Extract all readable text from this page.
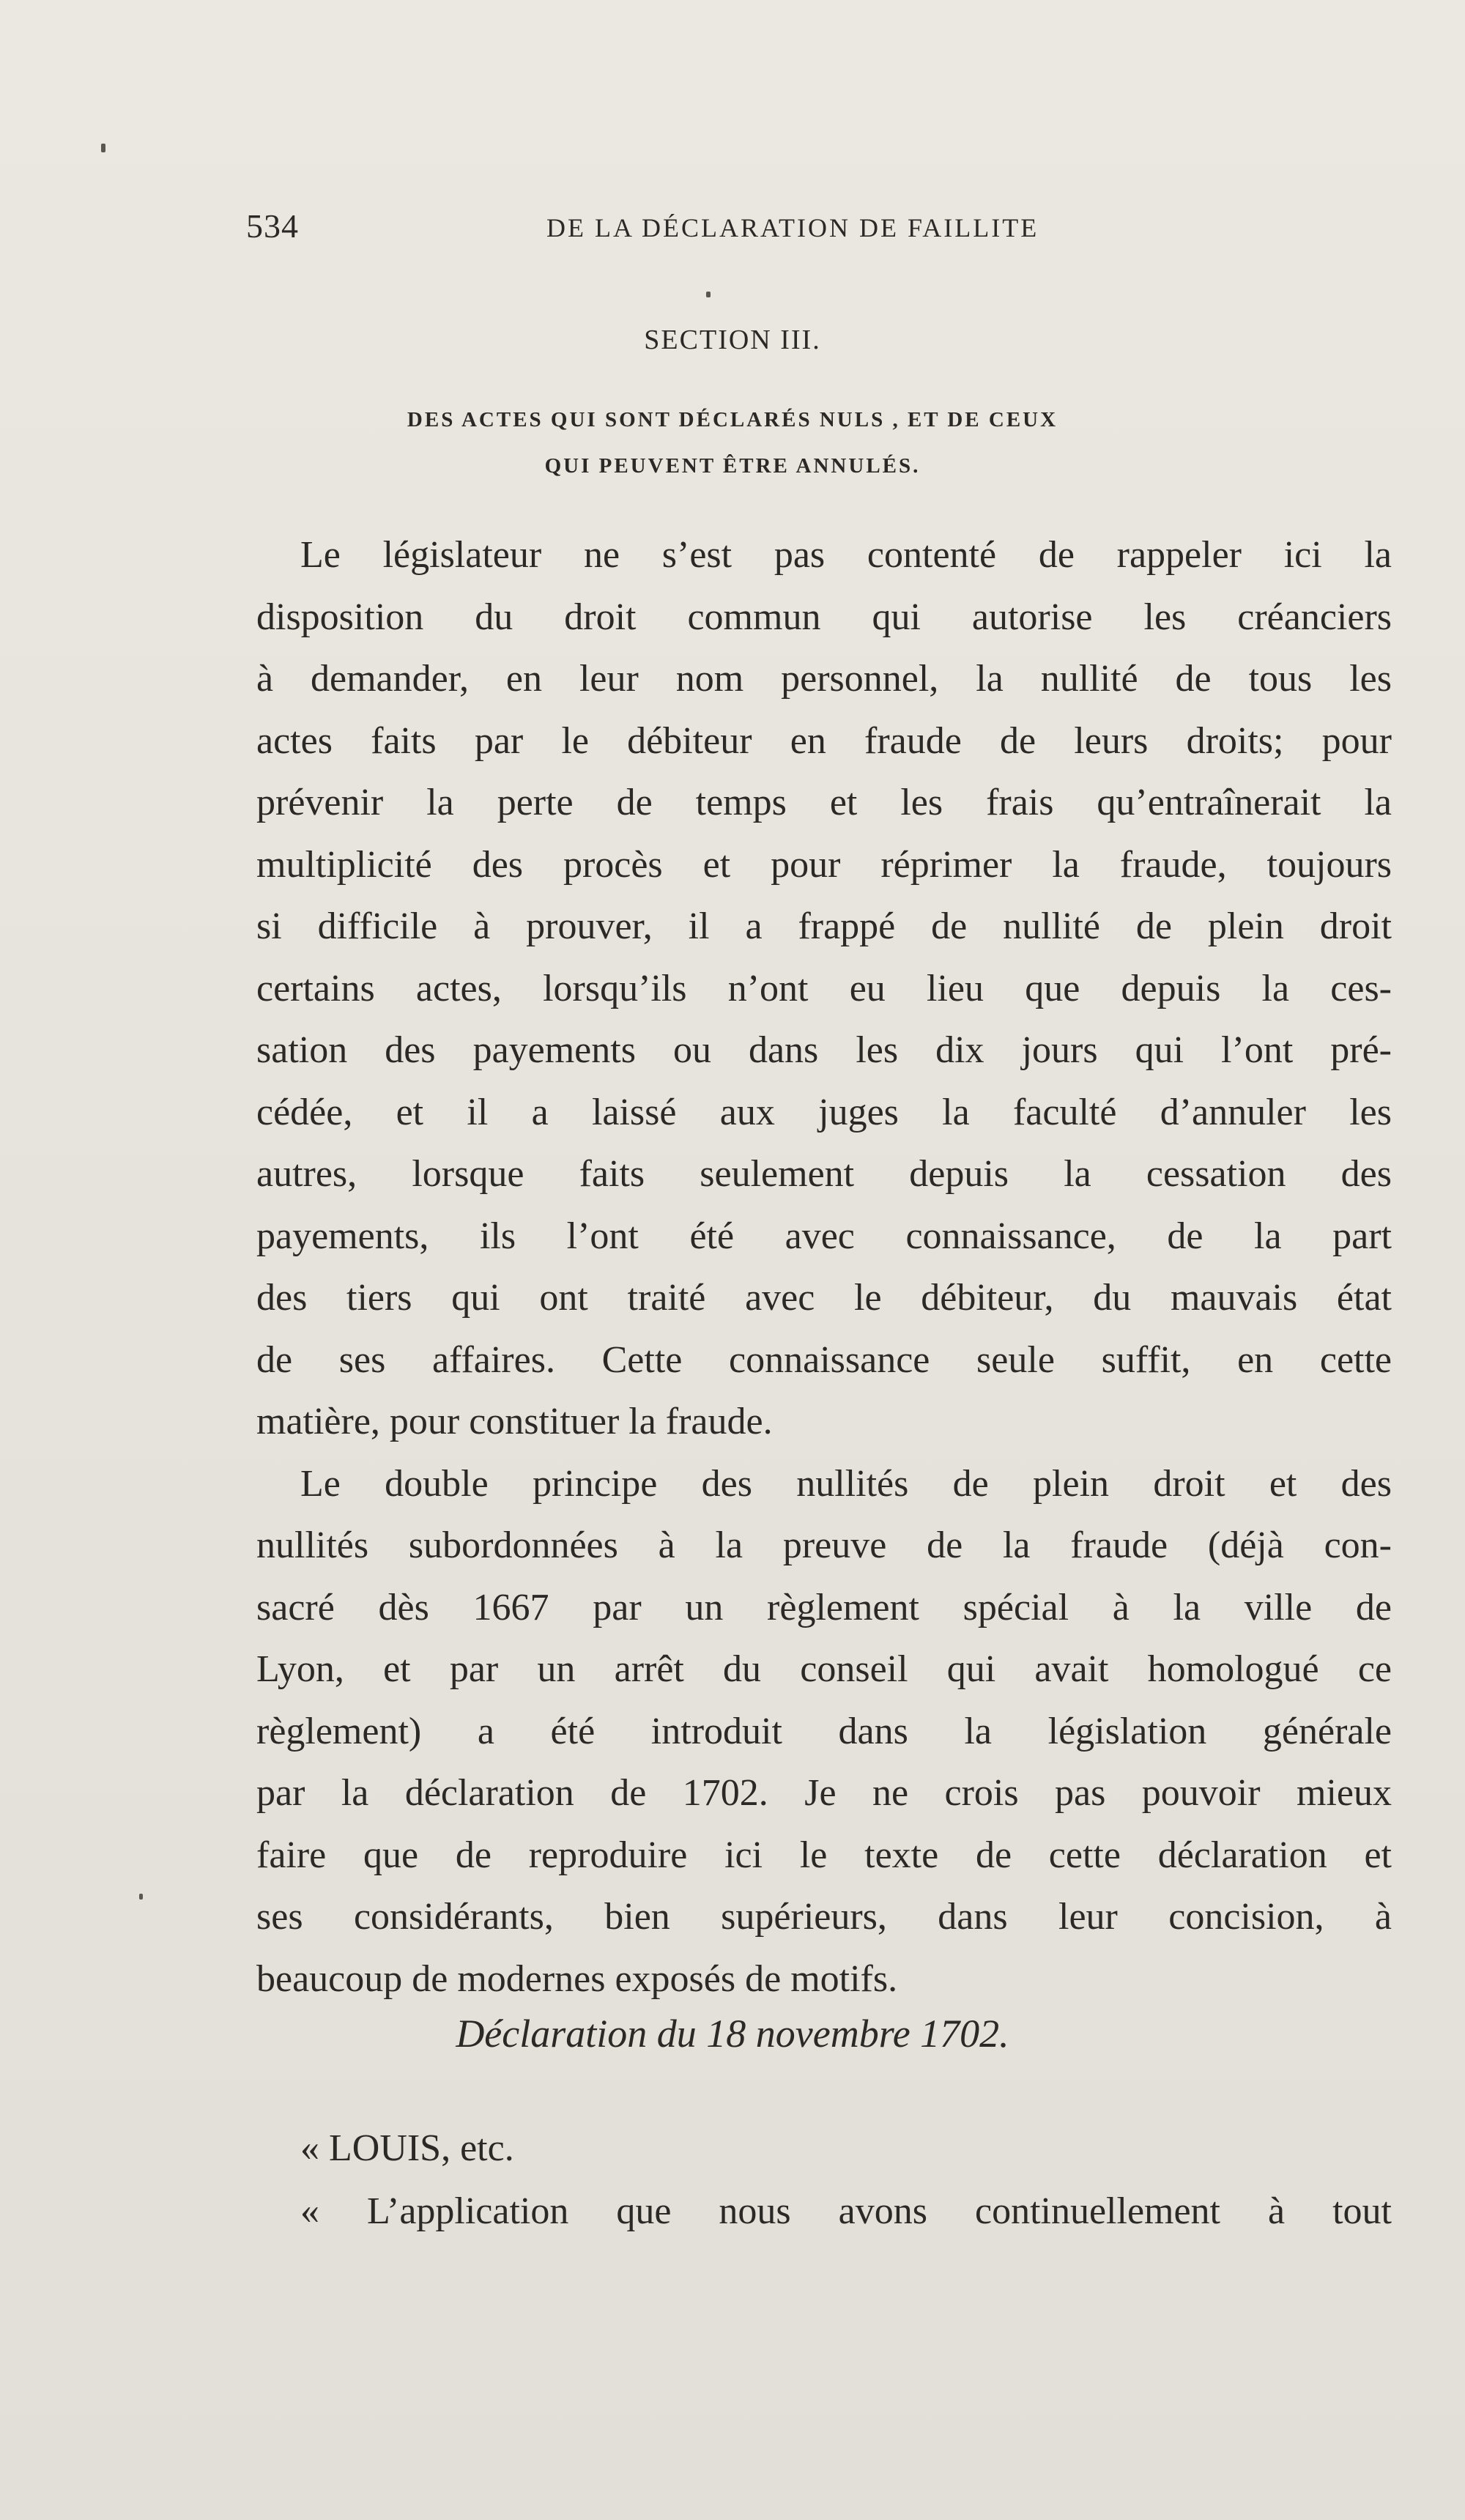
534	DE LA DÉCLARATION DE FAILLITE
SECTION III.
DES ACTES QUI SONT DÉCLARÉS NULS , ET DE CEUX
QUI PEUVENT ÊTRE ANNULÉS.
Le législateur ne s’est pas contenté de rappeler ici la
disposition du droit commun qui autorise les créanciers
à demander, en leur nom personnel, la nullité de tous les
actes faits par le débiteur en fraude de leurs droits; pour
prévenir la perte de temps et les frais qu’entraînerait la
multiplicité des procès et pour réprimer la fraude, toujours
si difficile à prouver, il a frappé de nullité de plein droit
certains actes, lorsqu’ils n’ont eu lieu que depuis la ces-
sation des payements ou dans les dix jours qui l’ont pré-
cédée, et il a laissé aux juges la faculté d’annuler les
autres, lorsque faits seulement depuis la cessation des
payements, ils l’ont été avec connaissance, de la part
des tiers qui ont traité avec le débiteur, du mauvais état
de ses affaires. Cette connaissance seule suffit, en cette
matière, pour constituer la fraude.
Le double principe des nullités de plein droit et des
nullités subordonnées à la preuve de la fraude (déjà con-
sacré dès 1667 par un règlement spécial à la ville de
Lyon, et par un arrêt du conseil qui avait homologué ce
règlement) a été introduit dans la législation générale
par la déclaration de 1702. Je ne crois pas pouvoir mieux
faire que de reproduire ici le texte de cette déclaration et
ses considérants, bien supérieurs, dans leur concision, à
beaucoup de modernes exposés de motifs.
Déclaration du 18 novembre 1702.
« LOUIS, etc.
« L’application que nous avons continuellement à tout
